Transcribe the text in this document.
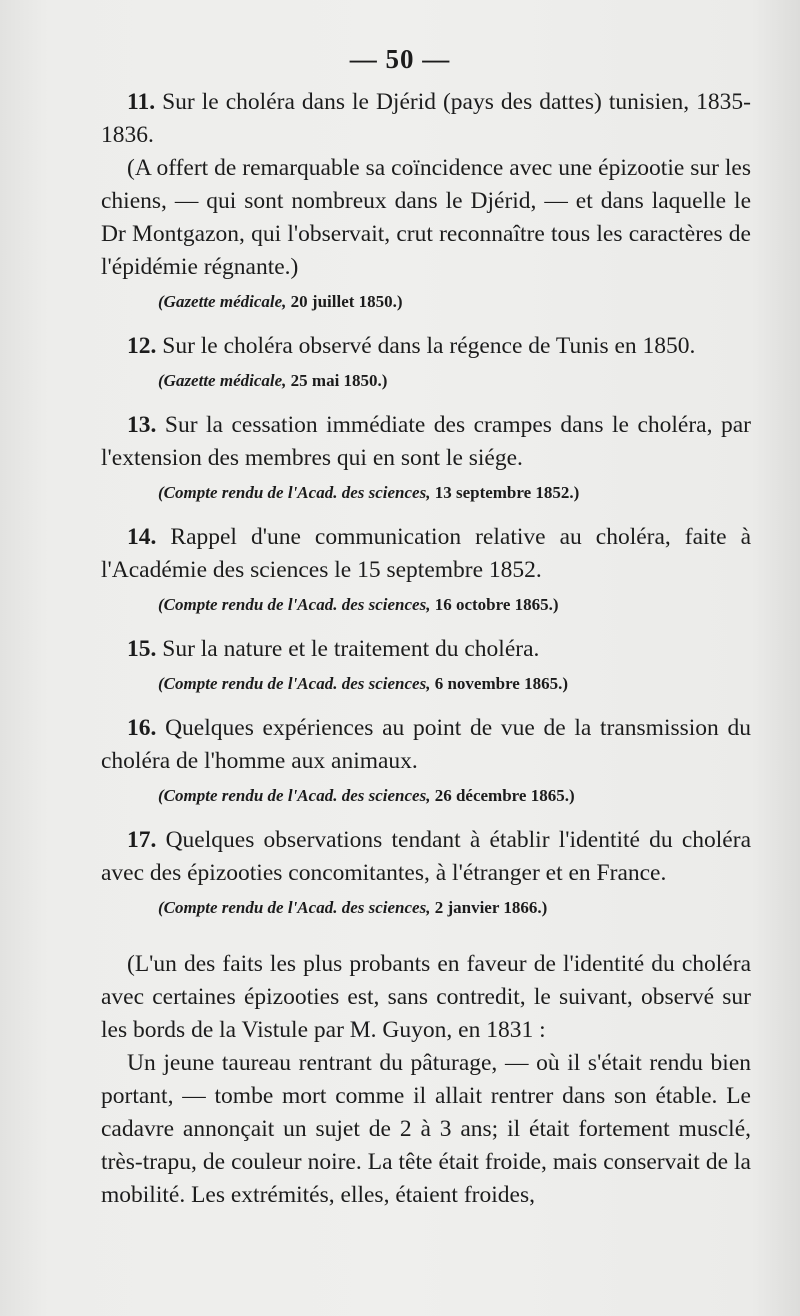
— 50 —

11. Sur le choléra dans le Djérid (pays des dattes) tunisien, 1835-1836.

(A offert de remarquable sa coïncidence avec une épizootie sur les chiens, — qui sont nombreux dans le Djérid, — et dans laquelle le Dr Montgazon, qui l'observait, crut reconnaître tous les caractères de l'épidémie régnante.)

(Gazette médicale, 20 juillet 1850.)

12. Sur le choléra observé dans la régence de Tunis en 1850.

(Gazette médicale, 25 mai 1850.)

13. Sur la cessation immédiate des crampes dans le choléra, par l'extension des membres qui en sont le siége.

(Compte rendu de l'Acad. des sciences, 13 septembre 1852.)

14. Rappel d'une communication relative au choléra, faite à l'Académie des sciences le 15 septembre 1852.

(Compte rendu de l'Acad. des sciences, 16 octobre 1865.)

15. Sur la nature et le traitement du choléra.

(Compte rendu de l'Acad. des sciences, 6 novembre 1865.)

16. Quelques expériences au point de vue de la transmission du choléra de l'homme aux animaux.

(Compte rendu de l'Acad. des sciences, 26 décembre 1865.)

17. Quelques observations tendant à établir l'identité du choléra avec des épizooties concomitantes, à l'étranger et en France.

(Compte rendu de l'Acad. des sciences, 2 janvier 1866.)

(L'un des faits les plus probants en faveur de l'identité du choléra avec certaines épizooties est, sans contredit, le suivant, observé sur les bords de la Vistule par M. Guyon, en 1831 :

Un jeune taureau rentrant du pâturage, — où il s'était rendu bien portant, — tombe mort comme il allait rentrer dans son étable. Le cadavre annonçait un sujet de 2 à 3 ans; il était fortement musclé, très-trapu, de couleur noire. La tête était froide, mais conservait de la mobilité. Les extrémités, elles, étaient froides,
